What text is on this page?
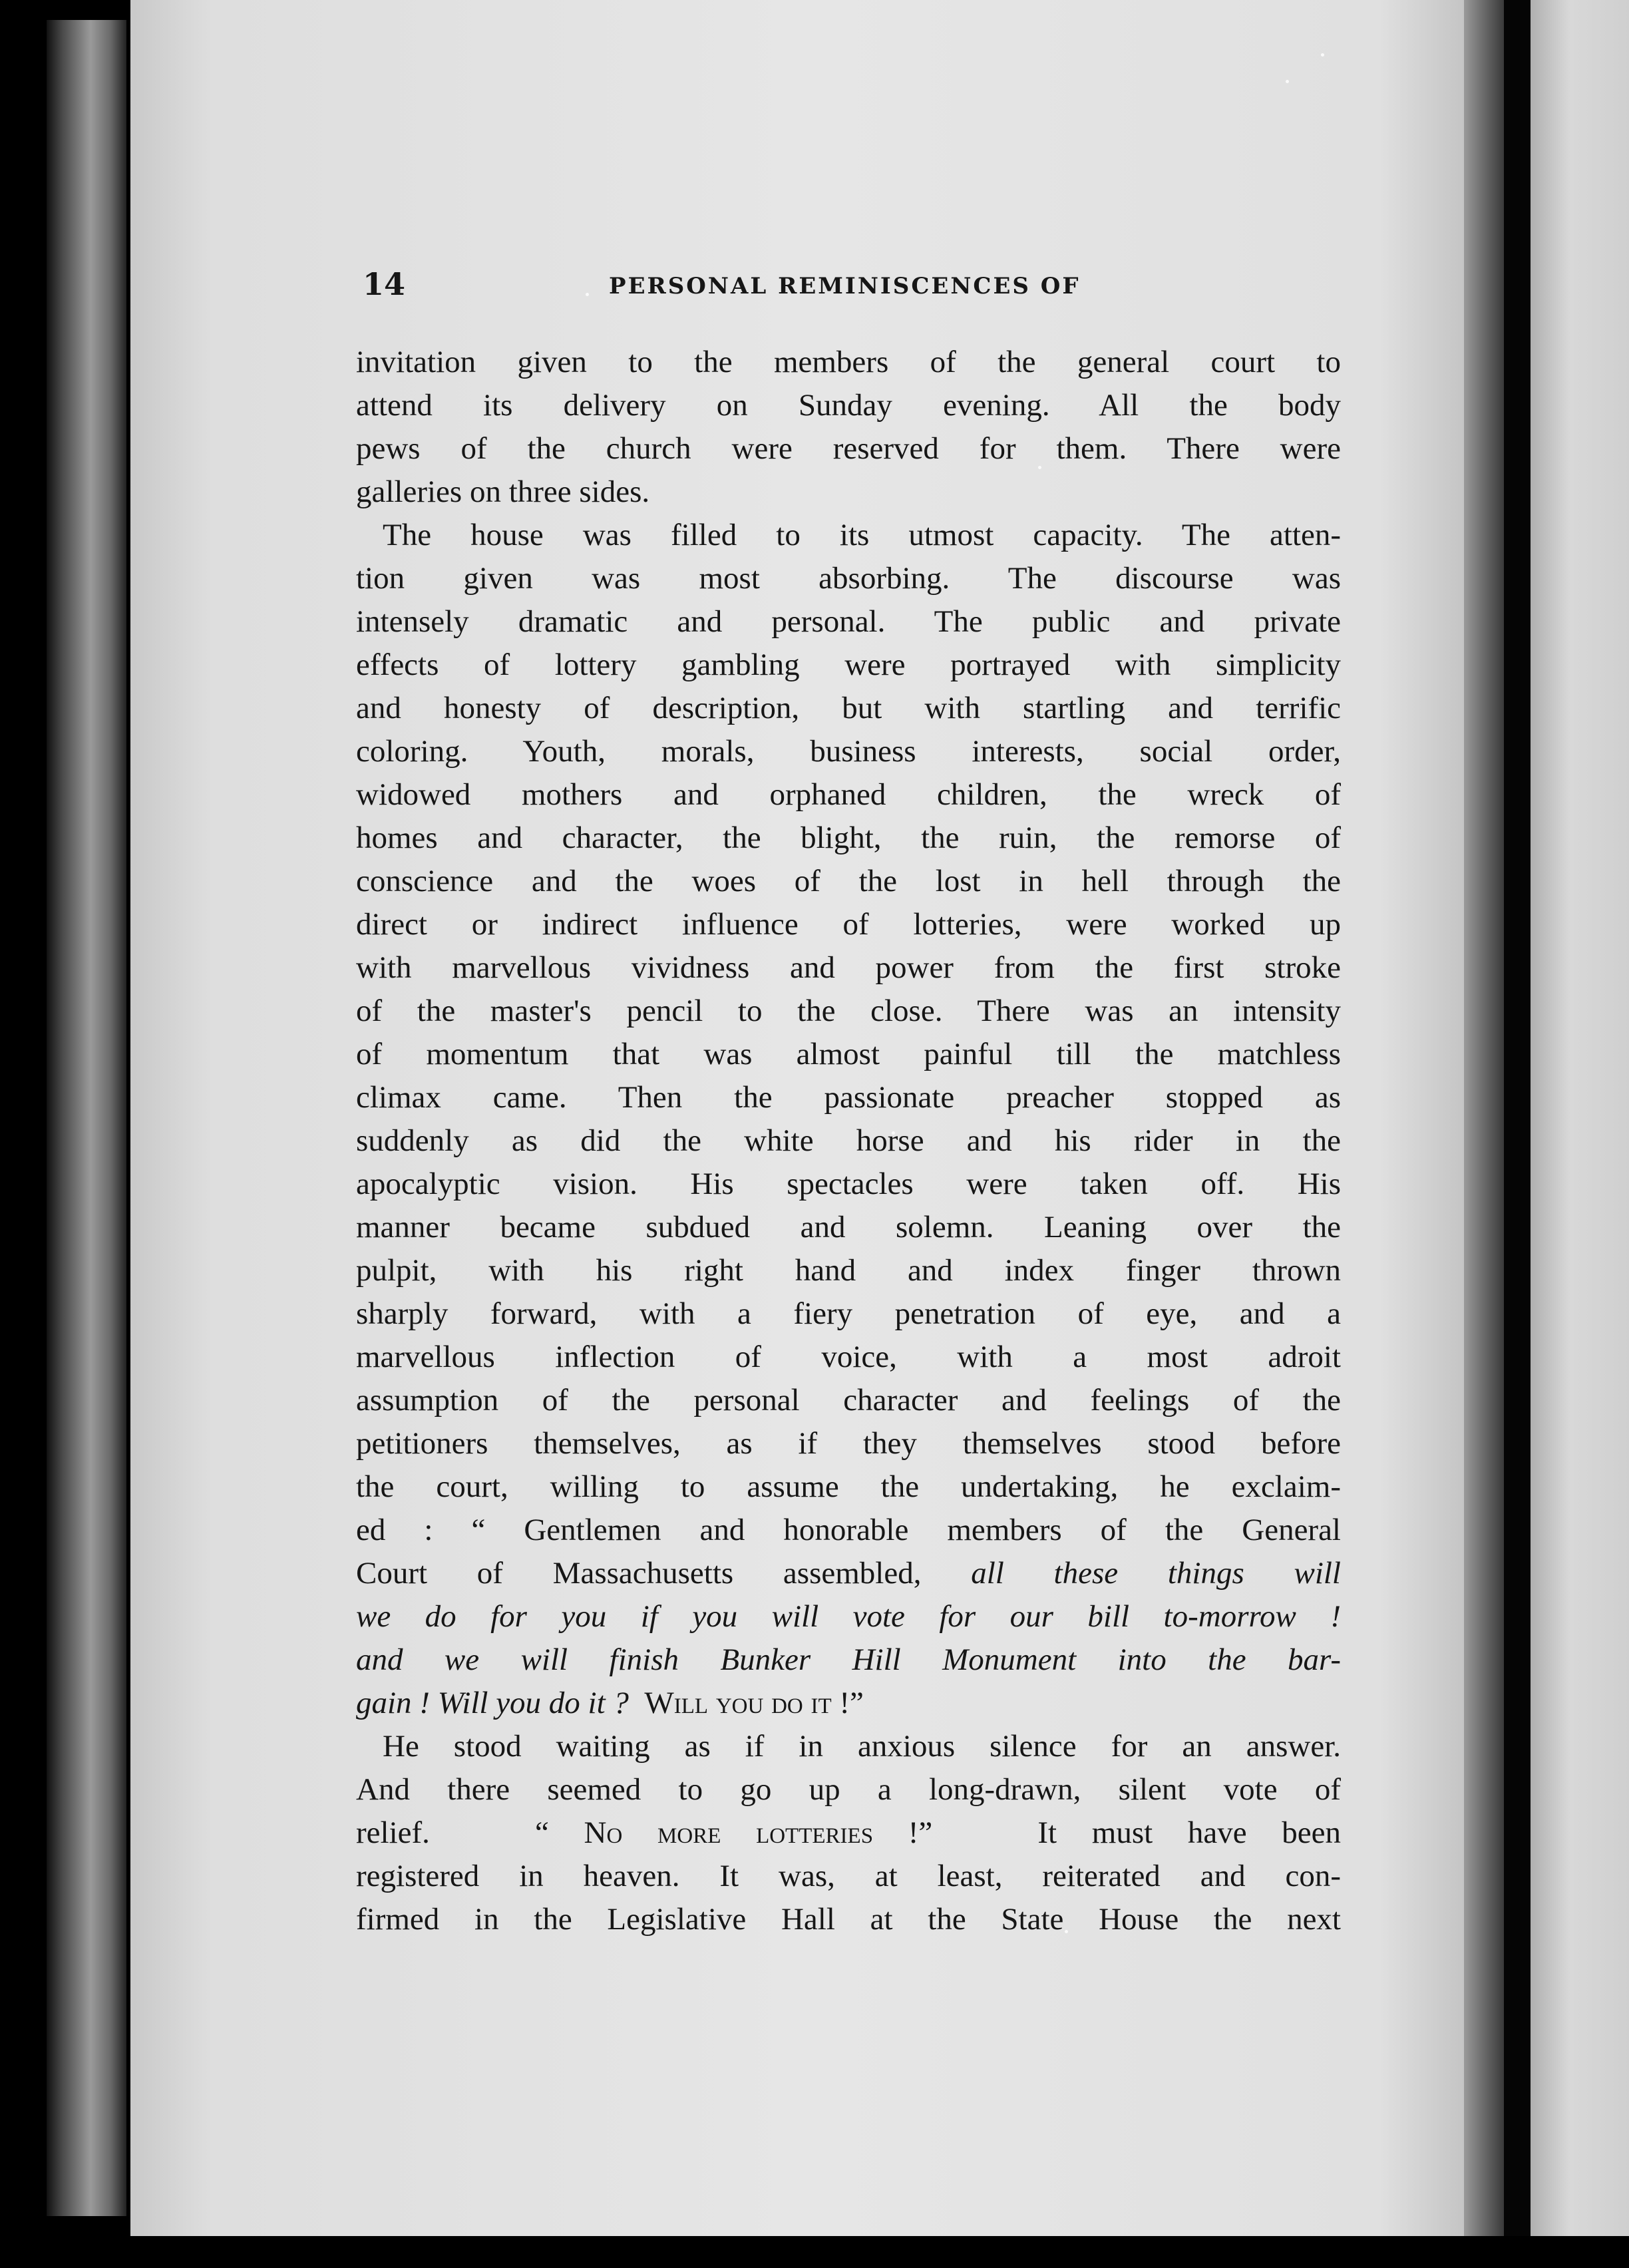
14	PERSONAL REMINISCENCES OF
invitation given to the members of the general court to
attend its delivery on Sunday evening. All the body
pews of the church were reserved for them. There were
galleries on three sides.
The house was filled to its utmost capacity. The atten-
tion given was most absorbing. The discourse was
intensely dramatic and personal. The public and private
effects of lottery gambling were portrayed with simplicity
and honesty of description, but with startling and terrific
coloring. Youth, morals, business interests, social order,
widowed mothers and orphaned children, the wreck of
homes and character, the blight, the ruin, the remorse of
conscience and the woes of the lost in hell through the
direct or indirect influence of lotteries, were worked up
with marvellous vividness and power from the first stroke
of the master's pencil to the close. There was an intensity
of momentum that was almost painful till the matchless
climax came. Then the passionate preacher stopped as
suddenly as did the white horse and his rider in the
apocalyptic vision. His spectacles were taken off. His
manner became subdued and solemn. Leaning over the
pulpit, with his right hand and index finger thrown
sharply forward, with a fiery penetration of eye, and a
marvellous inflection of voice, with a most adroit
assumption of the personal character and feelings of the
petitioners themselves, as if they themselves stood before
the court, willing to assume the undertaking, he exclaim-
ed : “ Gentlemen and honorable members of the General
Court of Massachusetts assembled, all these things will
we do for you if you will vote for our bill to-morrow !
and we will finish Bunker Hill Monument into the bar-
gain ! Will you do it ? Will you do it !”
He stood waiting as if in anxious silence for an answer.
And there seemed to go up a long-drawn, silent vote of
relief.	“ No more lotteries !”	It must have been
registered in heaven. It was, at least, reiterated and con-
firmed in the Legislative Hall at the State House the next
